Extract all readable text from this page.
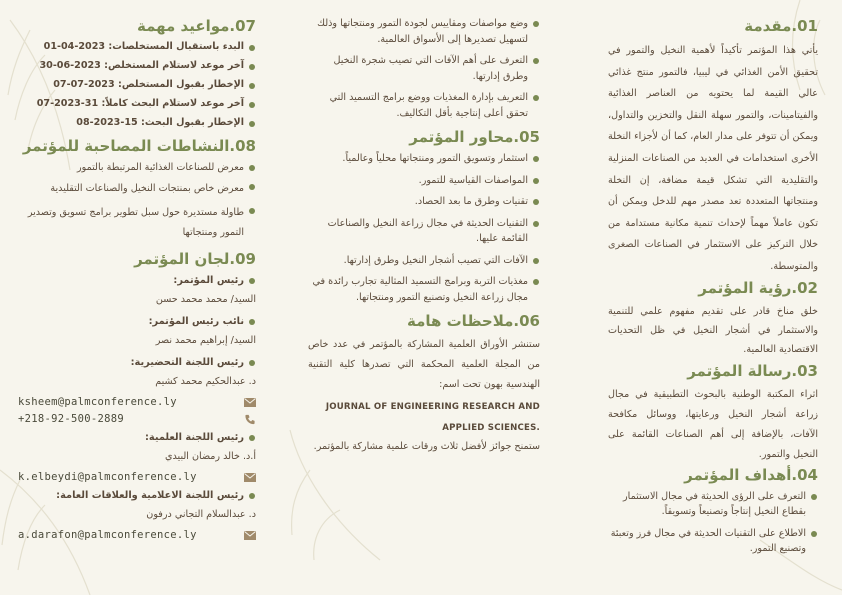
01.مقدمة
يأتي هذا المؤتمر تأكيداً لأهمية النخيل والتمور في تحقيق الأمن الغذائي في ليبيا، فالتمور منتج غذائي عالي القيمة لما يحتويه من العناصر الغذائية والفيتامينات، والتمور سهلة النقل والتخزين والتداول، ويمكن أن تتوفر على مدار العام، كما أن لأجزاء النخلة الأخرى استخدامات في العديد من الصناعات المنزلية والتقليدية التي تشكل قيمة مضافة، إن النخلة ومنتجاتها المتعددة تعد مصدر مهم للدخل ويمكن أن تكون عاملاً مهماً لإحداث تنمية مكانية مستدامة من خلال التركيز على الاستثمار في الصناعات الصغرى والمتوسطة.
02.رؤية المؤتمر
خلق مناخ قادر على تقديم مفهوم علمي للتنمية والاستثمار في أشجار النخيل في ظل التحديات الاقتصادية العالمية.
03.رسالة المؤتمر
اثراء المكتبة الوطنية بالبحوث التطبيقية في مجال زراعة أشجار النخيل ورعايتها، ووسائل مكافحة الآفات، بالإضافة إلى أهم الصناعات القائمة على النخيل والتمور.
04.أهداف المؤتمر
التعرف على الرؤى الحديثة في مجال الاستثمار بقطاع النخيل إنتاجاً وتصنيعاً وتسويقاً.
الاطلاع على التقنيات الحديثة في مجال فرز وتعبئة وتصنيع التمور.
وضع مواصفات ومقاييس لجودة التمور ومنتجاتها وذلك لتسهيل تصديرها إلى الأسواق العالمية.
التعرف على أهم الآفات التي تصيب شجرة النخيل وطرق إدارتها.
التعريف بإدارة المغذيات ووضع برامج التسميد التي تحقق أعلى إنتاجية بأقل التكاليف.
05.محاور المؤتمر
استثمار وتسويق التمور ومنتجاتها محلياً وعالمياً.
المواصفات القياسية للتمور.
تقنيات وطرق ما بعد الحصاد.
التقنيات الحديثة في مجال زراعة النخيل والصناعات القائمة عليها.
الآفات التي تصيب أشجار النخيل وطرق إدارتها.
مغذيات التربة وبرامج التسميد المثالية تجارب رائدة في مجال زراعة النخيل وتصنيع التمور ومنتجاتها.
06.ملاحظات هامة
ستنشر الأوراق العلمية المشاركة بالمؤتمر في عدد خاص من المجلة العلمية المحكمة التي تصدرها كلية التقنية الهندسية بهون تحت اسم:
JOURNAL OF ENGINEERING RESEARCH AND
APPLIED SCIENCES.
ستمنح جوائز لأفضل ثلاث ورقات علمية مشاركة بالمؤتمر.
07.مواعيد مهمة
البدء باستقبال المستخلصات: 2023-04-01
آخر موعد لاستلام المستخلص: 2023-06-30
الإخطار بقبول المستخلص: 2023-07-07
آخر موعد لاستلام البحث كاملاً: 31-2023-07
الإخطار بقبول البحث: 15-2023-08
08.النشاطات المصاحبة للمؤتمر
معرض للصناعات الغذائية المرتبطة بالتمور
معرض خاص بمنتجات النخيل والصناعات التقليدية
طاولة مستديرة حول سبل تطوير برامج تسويق وتصدير التمور ومنتجاتها
09.لجان المؤتمر
رئيس المؤتمر:
السيد/ محمد محمد حسن
نائب رئيس المؤتمر:
السيد/ إبراهيم محمد نصر
رئيس اللجنة التحضيرية:
د. عبدالحكيم محمد كشيم
ksheem@palmconference.ly
+218-92-500-2889
رئيس اللجنة العلمية:
أ.د. خالد رمضان البيدي
k.elbeydi@palmconference.ly
رئيس اللجنة الاعلامية والعلاقات العامة:
د. عبدالسلام التجاني درفون
a.darafon@palmconference.ly
